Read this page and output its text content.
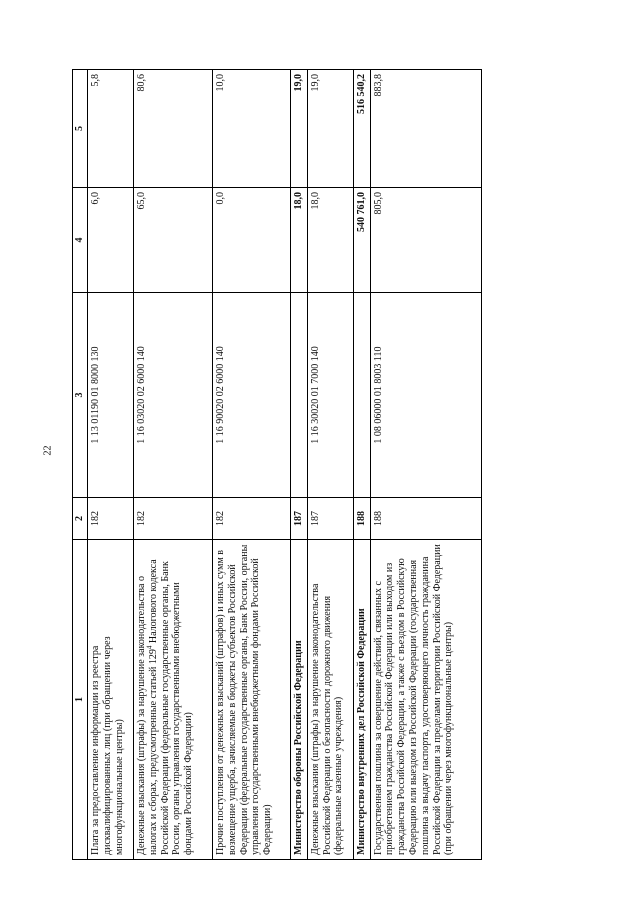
22
1	2	3	4	5
Плата за предоставление информации из реестра дисквалифицированных лиц (при обращении через многофункциональные центры)	182	1 13 01190 01 8000 130	6,0	5,8
Денежные взыскания (штрафы) за нарушение законодательства о налогах и сборах, предусмотренные статьей $129^4$ Налогового кодекса Российской Федерации (федеральные государственные органы, Банк России, органы управления государственными внебюджетными фондами Российской Федерации)	182	1 16 03020 02 6000 140	65,0	80,6
Прочие поступления от денежных взысканий (штрафов) и иных сумм в возмещение ущерба, зачисляемые в бюджеты субъектов Российской Федерации (федеральные государственные органы, Банк России, органы управления государственными внебюджетными фондами Российской Федерации)	182	1 16 90020 02 6000 140	0,0	10,0
Министерство обороны Российской Федерации	187		18,0	19,0
Денежные взыскания (штрафы) за нарушение законодательства Российской Федерации о безопасности дорожного движения (федеральные казенные учреждения)	187	1 16 30020 01 7000 140	18,0	19,0
Министерство внутренних дел Российской Федерации	188		540 761,0	516 540,2
Государственная пошлина за совершение действий, связанных с приобретением гражданства Российской Федерации или выходом из гражданства Российской Федерации, а также с въездом в Российскую Федерацию или выездом из Российской Федерации (государственная пошлина за выдачу паспорта, удостоверяющего личность гражданина Российской Федерации за пределами территории Российской Федерации (при обращении через многофункциональные центры)	188	1 08 06000 01 8003 110	805,0	883,8
